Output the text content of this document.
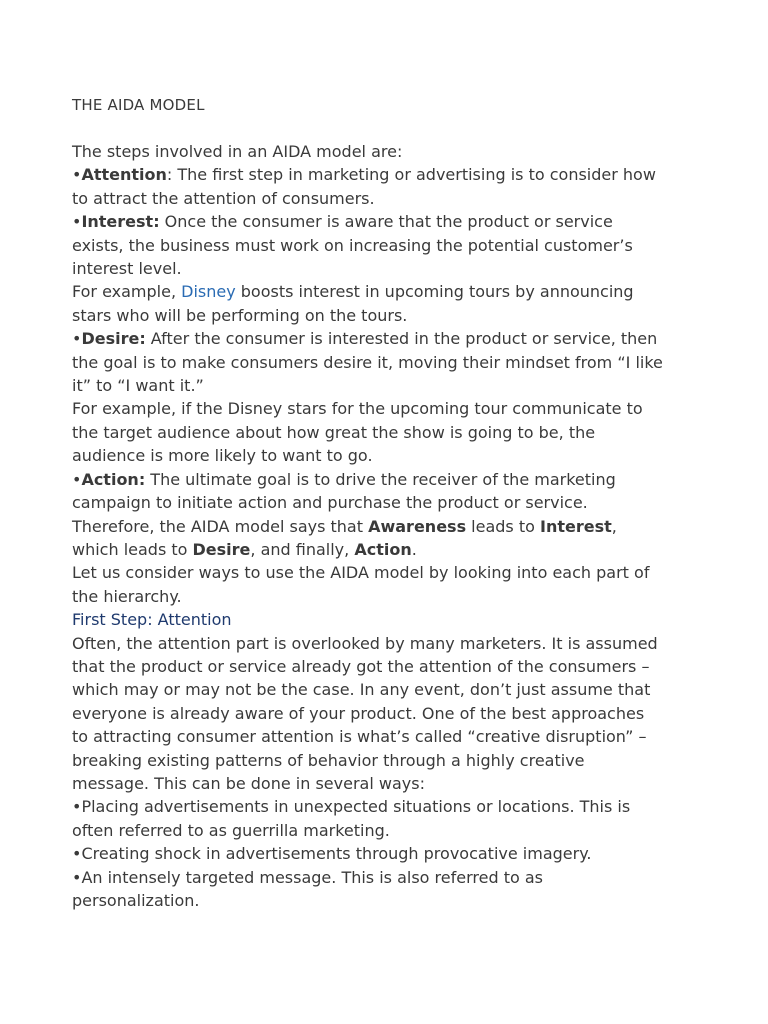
THE AIDA MODEL
The steps involved in an AIDA model are:
•Attention: The first step in marketing or advertising is to consider how
to attract the attention of consumers.
•Interest: Once the consumer is aware that the product or service
exists, the business must work on increasing the potential customer’s
interest level.
For example, Disney boosts interest in upcoming tours by announcing
stars who will be performing on the tours.
•Desire: After the consumer is interested in the product or service, then
the goal is to make consumers desire it, moving their mindset from “I like
it” to “I want it.”
For example, if the Disney stars for the upcoming tour communicate to
the target audience about how great the show is going to be, the
audience is more likely to want to go.
•Action: The ultimate goal is to drive the receiver of the marketing
campaign to initiate action and purchase the product or service.
Therefore, the AIDA model says that Awareness leads to Interest,
which leads to Desire, and finally, Action.
Let us consider ways to use the AIDA model by looking into each part of
the hierarchy.
First Step: Attention
Often, the attention part is overlooked by many marketers. It is assumed
that the product or service already got the attention of the consumers –
which may or may not be the case. In any event, don’t just assume that
everyone is already aware of your product. One of the best approaches
to attracting consumer attention is what’s called “creative disruption” –
breaking existing patterns of behavior through a highly creative
message. This can be done in several ways:
•Placing advertisements in unexpected situations or locations. This is
often referred to as guerrilla marketing.
•Creating shock in advertisements through provocative imagery.
•An intensely targeted message. This is also referred to as
personalization.
